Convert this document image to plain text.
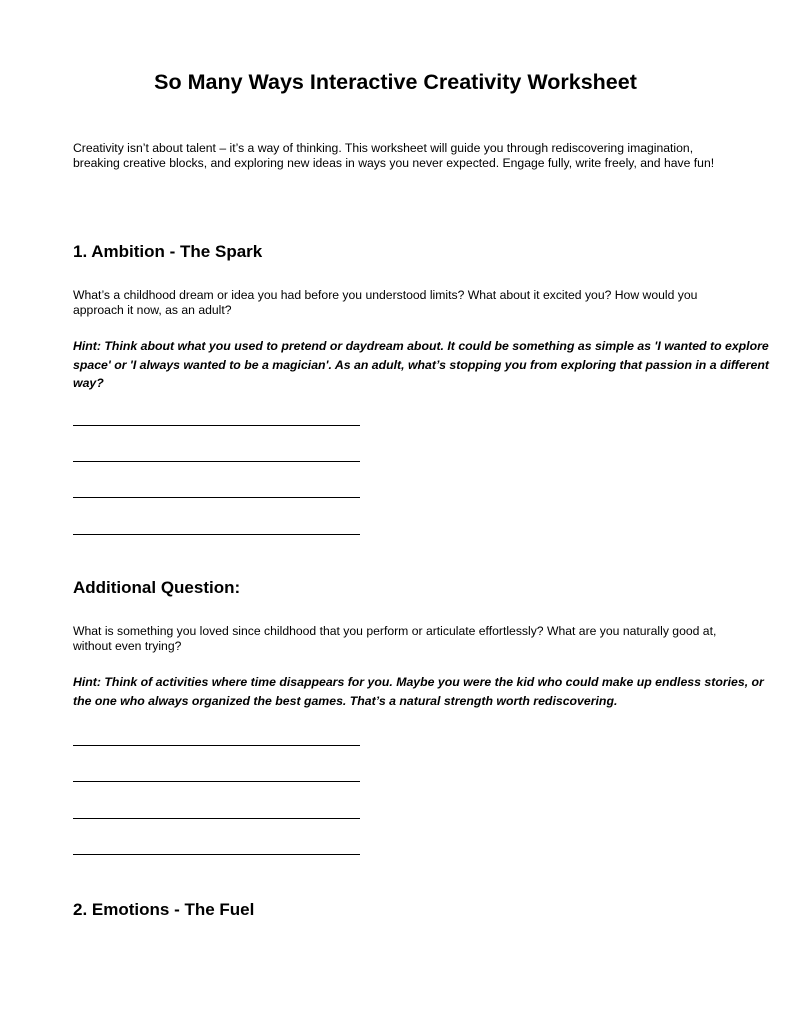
So Many Ways Interactive Creativity Worksheet

Creativity isn’t about talent – it’s a way of thinking. This worksheet will guide you through rediscovering imagination, breaking creative blocks, and exploring new ideas in ways you never expected. Engage fully, write freely, and have fun!

1. Ambition - The Spark

What’s a childhood dream or idea you had before you understood limits? What about it excited you? How would you approach it now, as an adult?

Hint: Think about what you used to pretend or daydream about. It could be something as simple as 'I wanted to explore space' or 'I always wanted to be a magician'. As an adult, what’s stopping you from exploring that passion in a different way?

Additional Question:

What is something you loved since childhood that you perform or articulate effortlessly? What are you naturally good at, without even trying?

Hint: Think of activities where time disappears for you. Maybe you were the kid who could make up endless stories, or the one who always organized the best games. That’s a natural strength worth rediscovering.

2. Emotions - The Fuel
